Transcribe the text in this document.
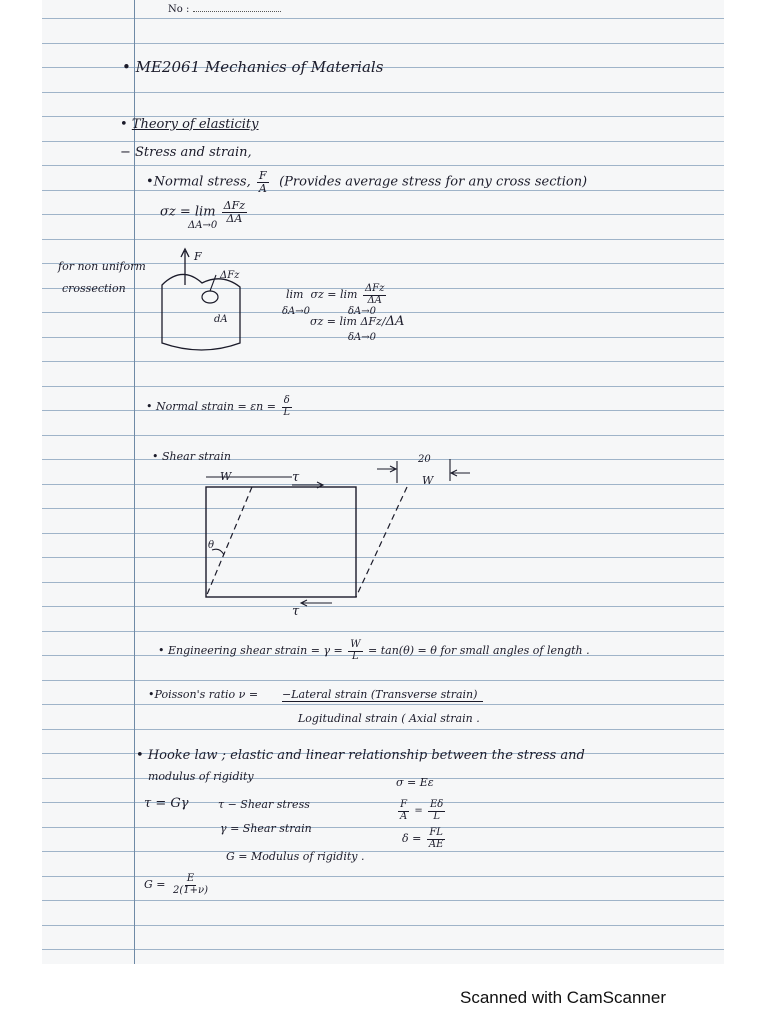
No :
• ME2061 Mechanics of Materials
• Theory of elasticity
− Stress and strain,
•Normal stress, $\frac{F}{A}$ (Provides average stress for any cross section)
$\sigma z = \lim \frac{\text{ΔFz}}{\Delta A}$
ΔA→0
for non uniform
crossection
F
ΔFz
dA
$\lim \sigma z = \lim \frac{\text{ΔFz}}{\Delta A}$
δA→0	δA→0
σz = lim ΔFz/ΔA
δA→0
• Normal strain = $\varepsilon n = \frac{\delta}{L}$
• Shear strain
W	τ
20
W
θ
τ
• Engineering shear strain = $\gamma = \frac{W}{L} = \tan(\theta) = \theta$ for small angles of length .
•Poisson's ratio ν = −Lateral strain (Transverse strain)
Logitudinal strain ( Axial strain .
• Hooke law ; elastic and linear relationship between the stress and
modulus of rigidity	σ = Eε
τ = Gγ	τ − Shear stress
γ = Shear strain
G = Modulus of rigidity .
$\frac{F}{A} = \frac{E\delta}{L}$
$\delta = \frac{FL}{AE}$
$G = \frac{E}{2(1+\nu)}$
Scanned with CamScanner
